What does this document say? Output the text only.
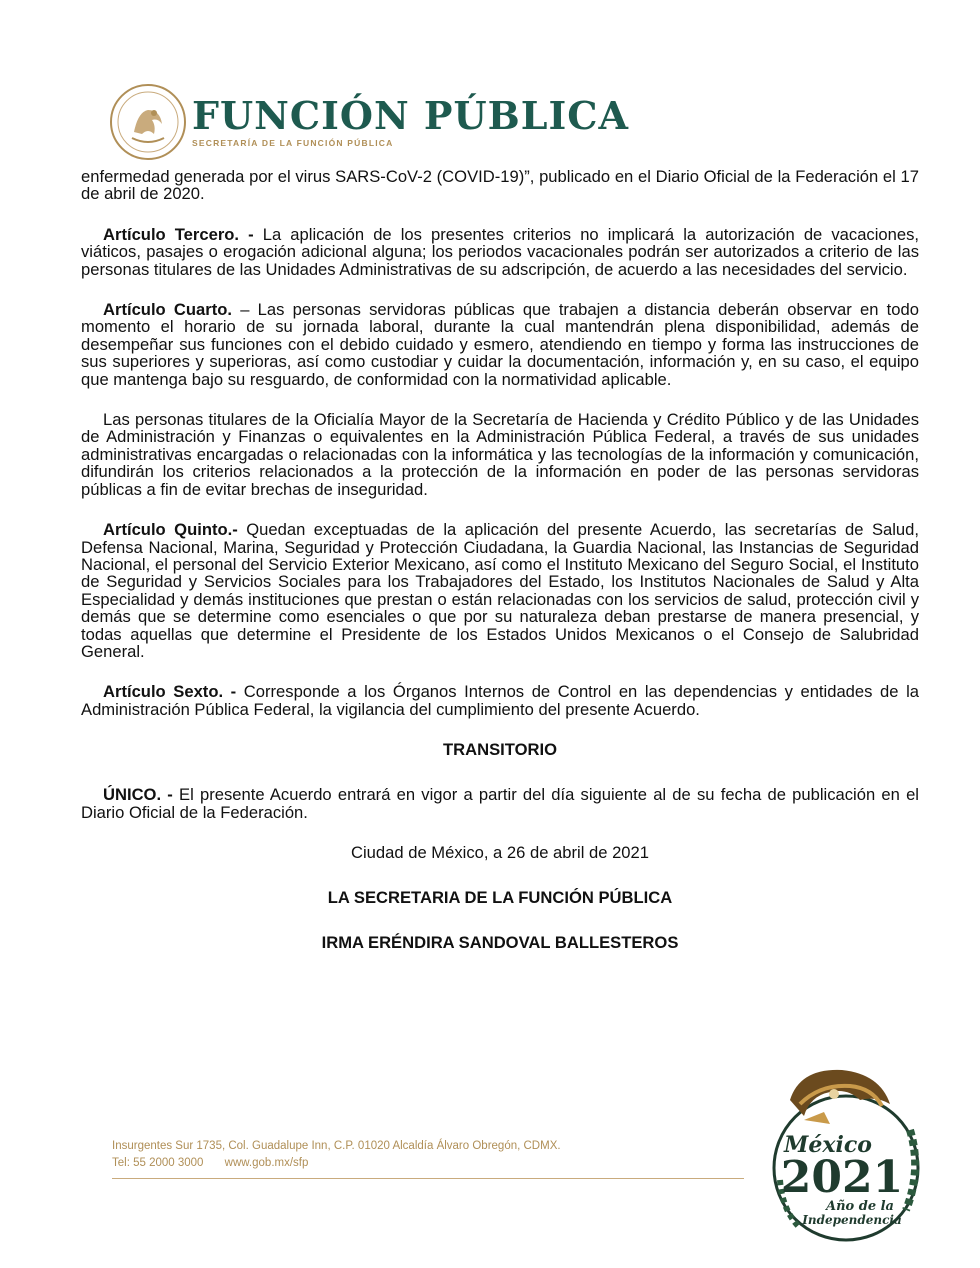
FUNCIÓN PÚBLICA
SECRETARÍA DE LA FUNCIÓN PÚBLICA

enfermedad generada por el virus SARS-CoV-2 (COVID-19)”, publicado en el Diario Oficial de la Federación el 17 de abril de 2020.

Artículo Tercero. - La aplicación de los presentes criterios no implicará la autorización de vacaciones, viáticos, pasajes o erogación adicional alguna; los periodos vacacionales podrán ser autorizados a criterio de las personas titulares de las Unidades Administrativas de su adscripción, de acuerdo a las necesidades del servicio.

Artículo Cuarto. – Las personas servidoras públicas que trabajen a distancia deberán observar en todo momento el horario de su jornada laboral, durante la cual mantendrán plena disponibilidad, además de desempeñar sus funciones con el debido cuidado y esmero, atendiendo en tiempo y forma las instrucciones de sus superiores y superioras, así como custodiar y cuidar la documentación, información y, en su caso, el equipo que mantenga bajo su resguardo, de conformidad con la normatividad aplicable.

Las personas titulares de la Oficialía Mayor de la Secretaría de Hacienda y Crédito Público y de las Unidades de Administración y Finanzas o equivalentes en la Administración Pública Federal, a través de sus unidades administrativas encargadas o relacionadas con la informática y las tecnologías de la información y comunicación, difundirán los criterios relacionados a la protección de la información en poder de las personas servidoras públicas a fin de evitar brechas de inseguridad.

Artículo Quinto.- Quedan exceptuadas de la aplicación del presente Acuerdo, las secretarías de Salud, Defensa Nacional, Marina, Seguridad y Protección Ciudadana, la Guardia Nacional, las Instancias de Seguridad Nacional, el personal del Servicio Exterior Mexicano, así como el Instituto Mexicano del Seguro Social, el Instituto de Seguridad y Servicios Sociales para los Trabajadores del Estado, los Institutos Nacionales de Salud y Alta Especialidad y demás instituciones que prestan o están relacionadas con los servicios de salud, protección civil y demás que se determine como esenciales o que por su naturaleza deban prestarse de manera presencial, y todas aquellas que determine el Presidente de los Estados Unidos Mexicanos o el Consejo de Salubridad General.

Artículo Sexto. - Corresponde a los Órganos Internos de Control en las dependencias y entidades de la Administración Pública Federal, la vigilancia del cumplimiento del presente Acuerdo.

TRANSITORIO

ÚNICO. - El presente Acuerdo entrará en vigor a partir del día siguiente al de su fecha de publicación en el Diario Oficial de la Federación.

Ciudad de México, a 26 de abril de 2021
LA SECRETARIA DE LA FUNCIÓN PÚBLICA
IRMA ERÉNDIRA SANDOVAL BALLESTEROS
Insurgentes Sur 1735, Col. Guadalupe Inn, C.P. 01020 Alcaldía Álvaro Obregón, CDMX.
Tel: 55 2000 3000 www.gob.mx/sfp
México
2021
Año de la
Independencia
